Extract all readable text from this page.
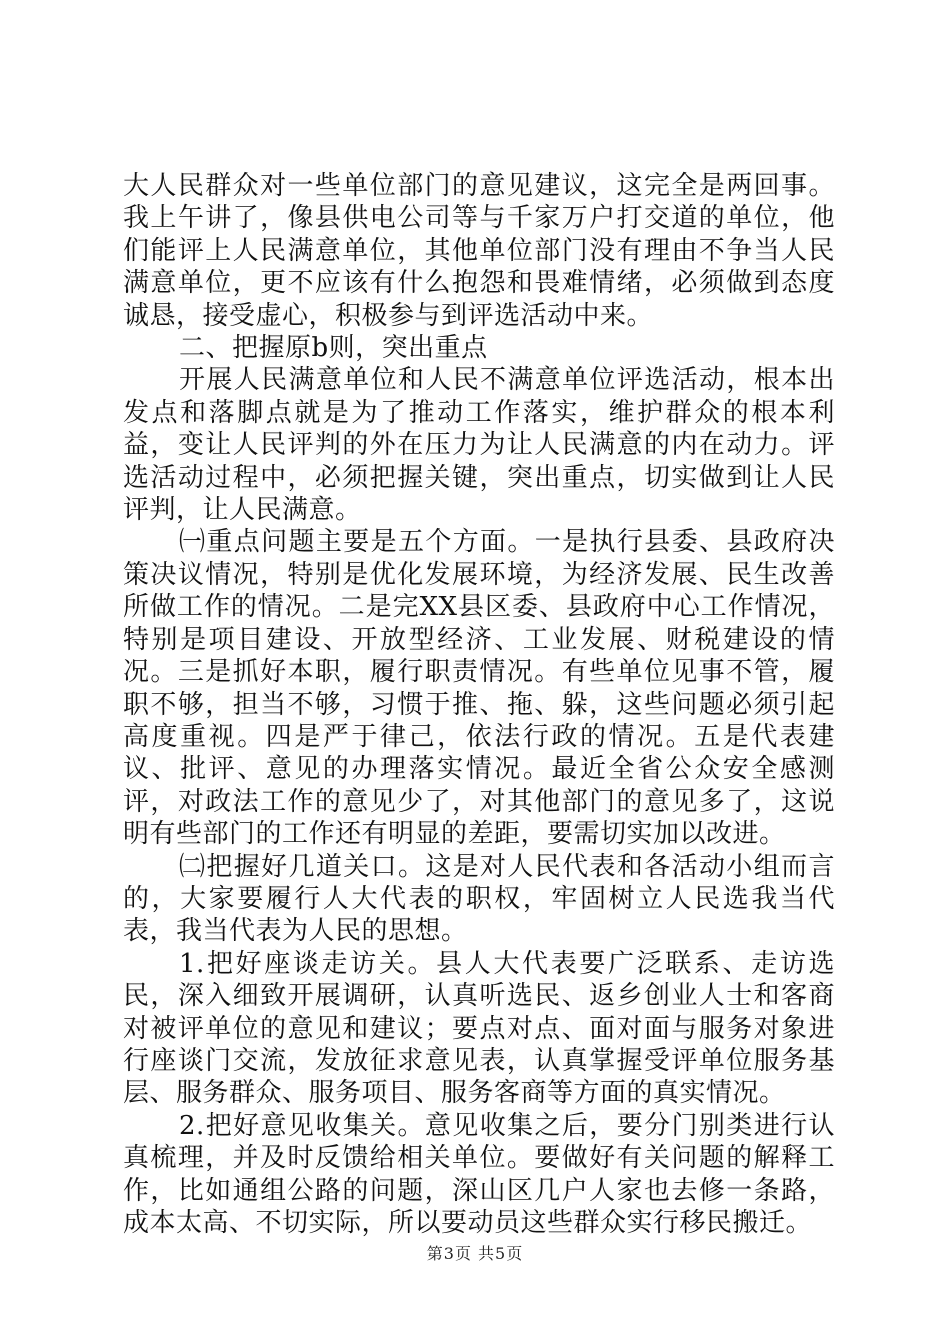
大人民群众对一些单位部门的意见建议，这完全是两回事。我上午讲了，像县供电公司等与千家万户打交道的单位，他们能评上人民满意单位，其他单位部门没有理由不争当人民满意单位，更不应该有什么抱怨和畏难情绪，必须做到态度诚恳，接受虚心，积极参与到评选活动中来。

二、把握原b则，突出重点

开展人民满意单位和人民不满意单位评选活动，根本出发点和落脚点就是为了推动工作落实，维护群众的根本利益，变让人民评判的外在压力为让人民满意的内在动力。评选活动过程中，必须把握关键，突出重点，切实做到让人民评判，让人民满意。

㈠重点问题主要是五个方面。一是执行县委、县政府决策决议情况，特别是优化发展环境，为经济发展、民生改善所做工作的情况。二是完XX县区委、县政府中心工作情况，特别是项目建设、开放型经济、工业发展、财税建设的情况。三是抓好本职，履行职责情况。有些单位见事不管，履职不够，担当不够，习惯于推、拖、躲，这些问题必须引起高度重视。四是严于律己，依法行政的情况。五是代表建议、批评、意见的办理落实情况。最近全省公众安全感测评，对政法工作的意见少了，对其他部门的意见多了，这说明有些部门的工作还有明显的差距，要需切实加以改进。

㈡把握好几道关口。这是对人民代表和各活动小组而言的，大家要履行人大代表的职权，牢固树立人民选我当代表，我当代表为人民的思想。

1.把好座谈走访关。县人大代表要广泛联系、走访选民，深入细致开展调研，认真听选民、返乡创业人士和客商对被评单位的意见和建议；要点对点、面对面与服务对象进行座谈门交流，发放征求意见表，认真掌握受评单位服务基层、服务群众、服务项目、服务客商等方面的真实情况。

2.把好意见收集关。意见收集之后，要分门别类进行认真梳理，并及时反馈给相关单位。要做好有关问题的解释工作，比如通组公路的问题，深山区几户人家也去修一条路，成本太高、不切实际，所以要动员这些群众实行移民搬迁。

第3页 共5页
